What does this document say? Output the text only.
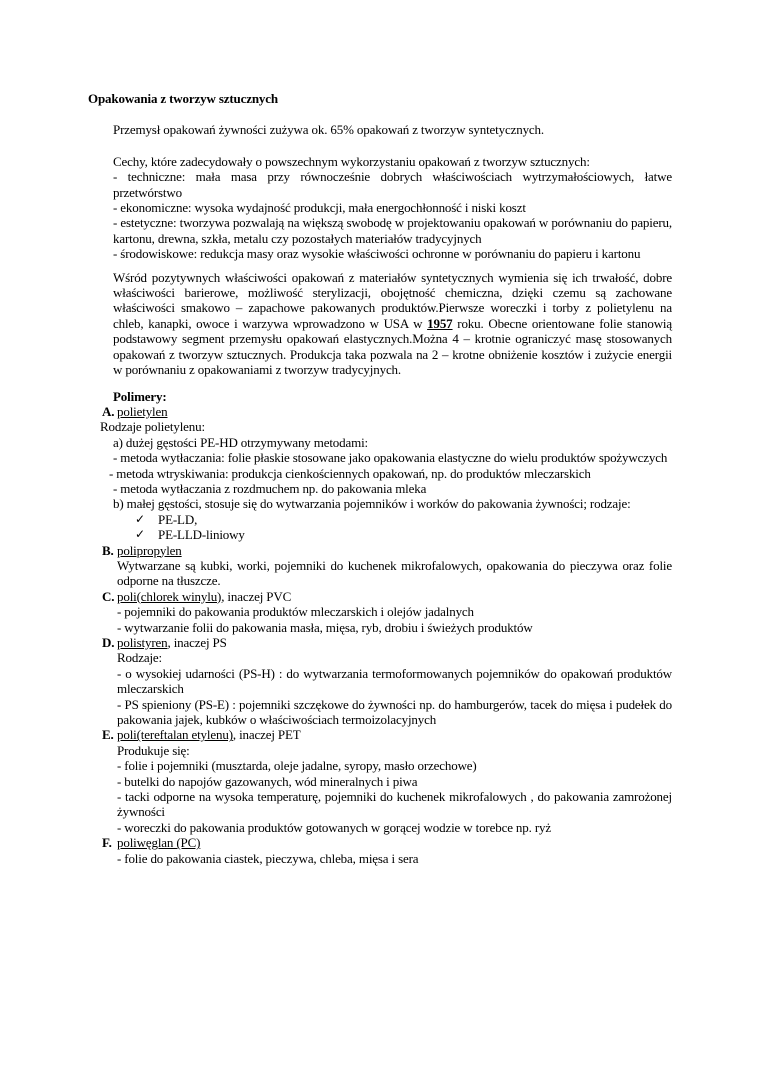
Opakowania z tworzyw sztucznych

Przemysł opakowań żywności zużywa ok. 65% opakowań z tworzyw syntetycznych.

Cechy, które zadecydowały o powszechnym wykorzystaniu opakowań z tworzyw sztucznych:

- techniczne: mała masa przy równocześnie dobrych właściwościach wytrzymałościowych, łatwe przetwórstwo

- ekonomiczne: wysoka wydajność produkcji, mała energochłonność i niski koszt

- estetyczne: tworzywa pozwalają na większą swobodę w projektowaniu opakowań w porównaniu do papieru, kartonu, drewna, szkła, metalu czy pozostałych materiałów tradycyjnych

- środowiskowe: redukcja masy oraz wysokie właściwości ochronne w porównaniu do papieru i kartonu

Wśród pozytywnych właściwości opakowań z materiałów syntetycznych wymienia się ich trwałość, dobre właściwości barierowe, możliwość sterylizacji, obojętność chemiczna, dzięki czemu są zachowane właściwości smakowo – zapachowe pakowanych produktów.Pierwsze woreczki i torby z polietylenu na chleb, kanapki, owoce i warzywa wprowadzono w USA w 1957 roku. Obecne orientowane folie stanowią podstawowy segment przemysłu opakowań elastycznych.Można 4 – krotnie ograniczyć masę stosowanych opakowań z tworzyw sztucznych. Produkcja taka pozwala na 2 – krotne obniżenie kosztów i zużycie energii w porównaniu z opakowaniami z tworzyw tradycyjnych.

Polimery:

A. polietylen

Rodzaje polietylenu:

a) dużej gęstości PE-HD otrzymywany metodami:

- metoda wytłaczania: folie płaskie stosowane jako opakowania elastyczne do wielu produktów spożywczych

- metoda wtryskiwania: produkcja cienkościennych opakowań, np. do produktów mleczarskich

- metoda wytłaczania z rozdmuchem np. do pakowania mleka

b) małej gęstości, stosuje się do wytwarzania pojemników i worków do pakowania żywności; rodzaje:

✓	PE-LD,
✓	PE-LLD-liniowy

B. polipropylen

Wytwarzane są kubki, worki, pojemniki do kuchenek mikrofalowych, opakowania do pieczywa oraz folie odporne na tłuszcze.

C. poli(chlorek winylu), inaczej PVC

- pojemniki do pakowania produktów mleczarskich i olejów jadalnych

- wytwarzanie folii do pakowania masła, mięsa, ryb, drobiu i świeżych produktów

D. polistyren, inaczej PS

Rodzaje:

- o wysokiej udarności (PS-H) : do wytwarzania termoformowanych pojemników do opakowań produktów mleczarskich

- PS spieniony (PS-E) : pojemniki szczękowe do żywności np. do hamburgerów, tacek do mięsa i pudełek do pakowania jajek, kubków o właściwościach termoizolacyjnych

E. poli(tereftalan etylenu), inaczej PET

Produkuje się:

- folie i pojemniki (musztarda, oleje jadalne, syropy, masło orzechowe)

- butelki do napojów gazowanych, wód mineralnych i piwa

- tacki odporne na wysoka temperaturę, pojemniki do kuchenek mikrofalowych , do pakowania zamrożonej żywności

- woreczki do pakowania produktów gotowanych w gorącej wodzie w torebce np. ryż

F. poliwęglan (PC)

- folie do pakowania ciastek, pieczywa, chleba, mięsa i sera
